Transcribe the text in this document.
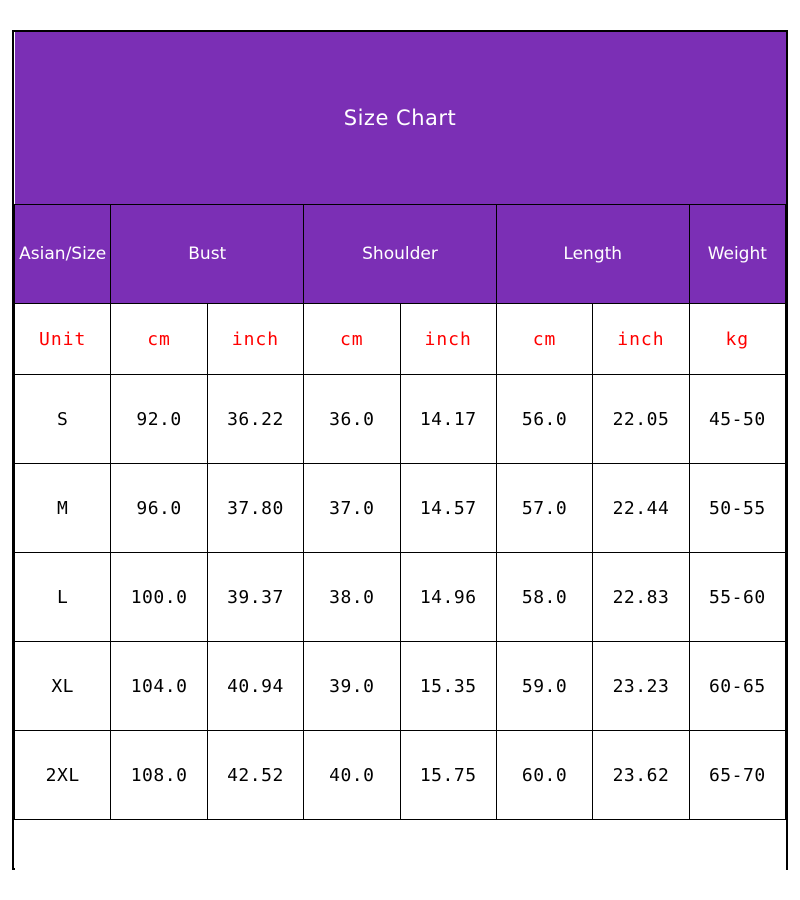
Size Chart							
Asian/Size	Bust		Shoulder		Length		Weight
Unit	cm	inch	cm	inch	cm	inch	kg
S	92.0	36.22	36.0	14.17	56.0	22.05	45-50
M	96.0	37.80	37.0	14.57	57.0	22.44	50-55
L	100.0	39.37	38.0	14.96	58.0	22.83	55-60
XL	104.0	40.94	39.0	15.35	59.0	23.23	60-65
2XL	108.0	42.52	40.0	15.75	60.0	23.62	65-70
